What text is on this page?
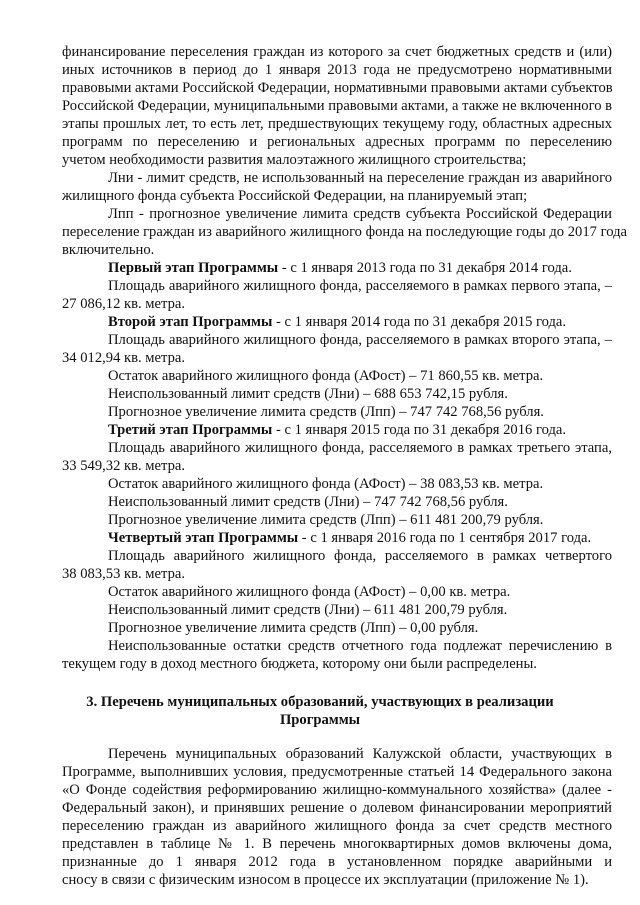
финансирование переселения граждан из которого за счет бюджетных средств и (или)
иных источников в период до 1 января 2013 года не предусмотрено нормативными
правовыми актами Российской Федерации, нормативными правовыми актами субъектов
Российской Федерации, муниципальными правовыми актами, а также не включенного в
этапы прошлых лет, то есть лет, предшествующих текущему году, областных адресных
программ по переселению и региональных адресных программ по переселению
учетом необходимости развития малоэтажного жилищного строительства;
Лни - лимит средств, не использованный на переселение граждан из аварийного
жилищного фонда субъекта Российской Федерации, на планируемый этап;
Лпп - прогнозное увеличение лимита средств субъекта Российской Федерации
переселение граждан из аварийного жилищного фонда на последующие годы до 2017 года
включительно.
Первый этап Программы - с 1 января 2013 года по 31 декабря 2014 года.
Площадь аварийного жилищного фонда, расселяемого в рамках первого этапа, –
27 086,12 кв. метра.
Второй этап Программы - с 1 января 2014 года по 31 декабря 2015 года.
Площадь аварийного жилищного фонда, расселяемого в рамках второго этапа, –
34 012,94 кв. метра.
Остаток аварийного жилищного фонда (АФост) – 71 860,55 кв. метра.
Неиспользованный лимит средств (Лни) – 688 653 742,15 рубля.
Прогнозное увеличение лимита средств (Лпп) – 747 742 768,56 рубля.
Третий этап Программы - с 1 января 2015 года по 31 декабря 2016 года.
Площадь аварийного жилищного фонда, расселяемого в рамках третьего этапа,
33 549,32 кв. метра.
Остаток аварийного жилищного фонда (АФост) – 38 083,53 кв. метра.
Неиспользованный лимит средств (Лни) – 747 742 768,56 рубля.
Прогнозное увеличение лимита средств (Лпп) – 611 481 200,79 рубля.
Четвертый этап Программы - с 1 января 2016 года по 1 сентября 2017 года.
Площадь аварийного жилищного фонда, расселяемого в рамках четвертого
38 083,53 кв. метра.
Остаток аварийного жилищного фонда (АФост) – 0,00 кв. метра.
Неиспользованный лимит средств (Лни) – 611 481 200,79 рубля.
Прогнозное увеличение лимита средств (Лпп) – 0,00 рубля.
Неиспользованные остатки средств отчетного года подлежат перечислению в
текущем году в доход местного бюджета, которому они были распределены.
3. Перечень муниципальных образований, участвующих в реализации
Программы
Перечень муниципальных образований Калужской области, участвующих в
Программе, выполнивших условия, предусмотренные статьей 14 Федерального закона
«О Фонде содействия реформированию жилищно-коммунального хозяйства» (далее -
Федеральный закон), и принявших решение о долевом финансировании мероприятий
переселению граждан из аварийного жилищного фонда за счет средств местного
представлен в таблице № 1. В перечень многоквартирных домов включены дома,
признанные до 1 января 2012 года в установленном порядке аварийными и
сносу в связи с физическим износом в процессе их эксплуатации (приложение № 1).
